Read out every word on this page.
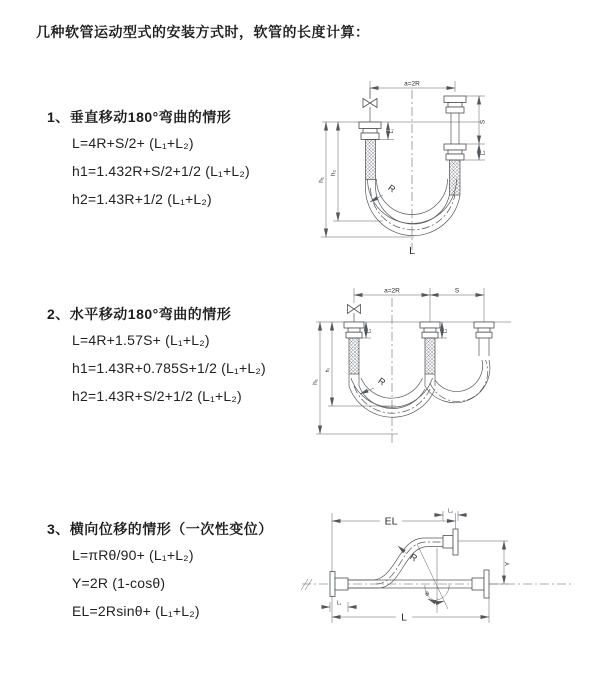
几种软管运动型式的安装方式时，软管的长度计算：
1、垂直移动180°弯曲的情形
L=4R+S/2+ (L₁+L₂)
h1=1.432R+S/2+1/2 (L₁+L₂)
h2=1.43R+1/2 (L₁+L₂)
2、水平移动180°弯曲的情形
L=4R+1.57S+ (L₁+L₂)
h1=1.43R+0.785S+1/2 (L₁+L₂)
h2=1.43R+S/2+1/2 (L₁+L₂)
3、横向位移的情形（一次性变位）
L=πRθ/90+ (L₁+L₂)
Y=2R (1-cosθ)
EL=2Rsinθ+ (L₁+L₂)
a=2R
h₁
h₂
L₁
S
L₂
R
L
a=2R	S
h₁
h₂
L₁	L₂
R
EL
L₂
L₁
Y
θ
R
L
